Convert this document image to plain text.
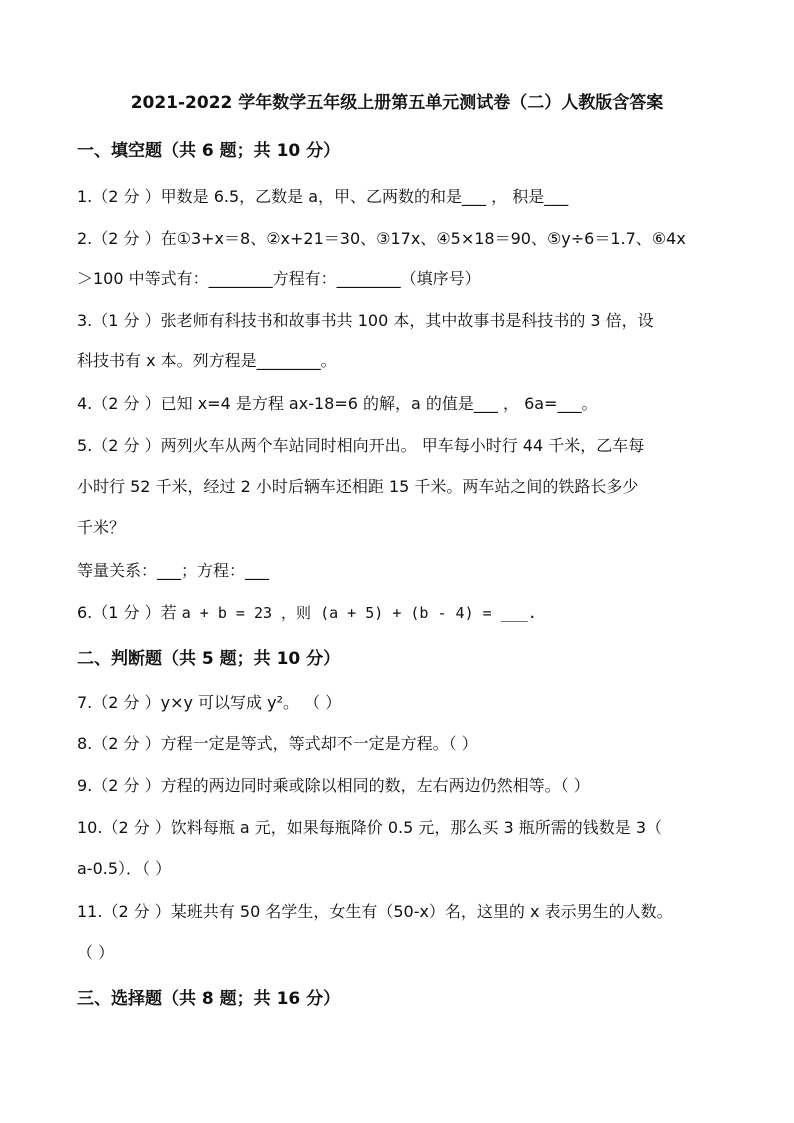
2021-2022 学年数学五年级上册第五单元测试卷（二）人教版含答案
一、填空题（共 6 题；共 10 分）
1.（2 分 ）甲数是 6.5，乙数是 a，甲、乙两数的和是___ ， 积是___
2.（2 分 ）在①3+x＝8、②x+21＝30、③17x、④5×18＝90、⑤y÷6＝1.7、⑥4x
＞100 中等式有：________方程有：________（填序号）
3.（1 分 ）张老师有科技书和故事书共 100 本，其中故事书是科技书的 3 倍，设
科技书有 x 本。列方程是________。
4.（2 分 ）已知 x=4 是方程 ax-18=6 的解，a 的值是___ ， 6a=___。
5.（2 分 ）两列火车从两个车站同时相向开出。 甲车每小时行 44 千米，乙车每
小时行 52 千米，经过 2 小时后辆车还相距 15 千米。两车站之间的铁路长多少
千米？
等量关系：___；方程：___
6.（1 分 ）若 a + b = 23 ，则 (a + 5) + (b - 4) = ___.
二、判断题（共 5 题；共 10 分）
7.（2 分 ）y×y 可以写成 y²。 （ ）
8.（2 分 ）方程一定是等式，等式却不一定是方程。（ ）
9.（2 分 ）方程的两边同时乘或除以相同的数，左右两边仍然相等。（ ）
10.（2 分 ）饮料每瓶 a 元，如果每瓶降价 0.5 元，那么买 3 瓶所需的钱数是 3（
a-0.5）．（ ）
11.（2 分 ）某班共有 50 名学生，女生有（50-x）名，这里的 x 表示男生的人数。
（ ）
三、选择题（共 8 题；共 16 分）
